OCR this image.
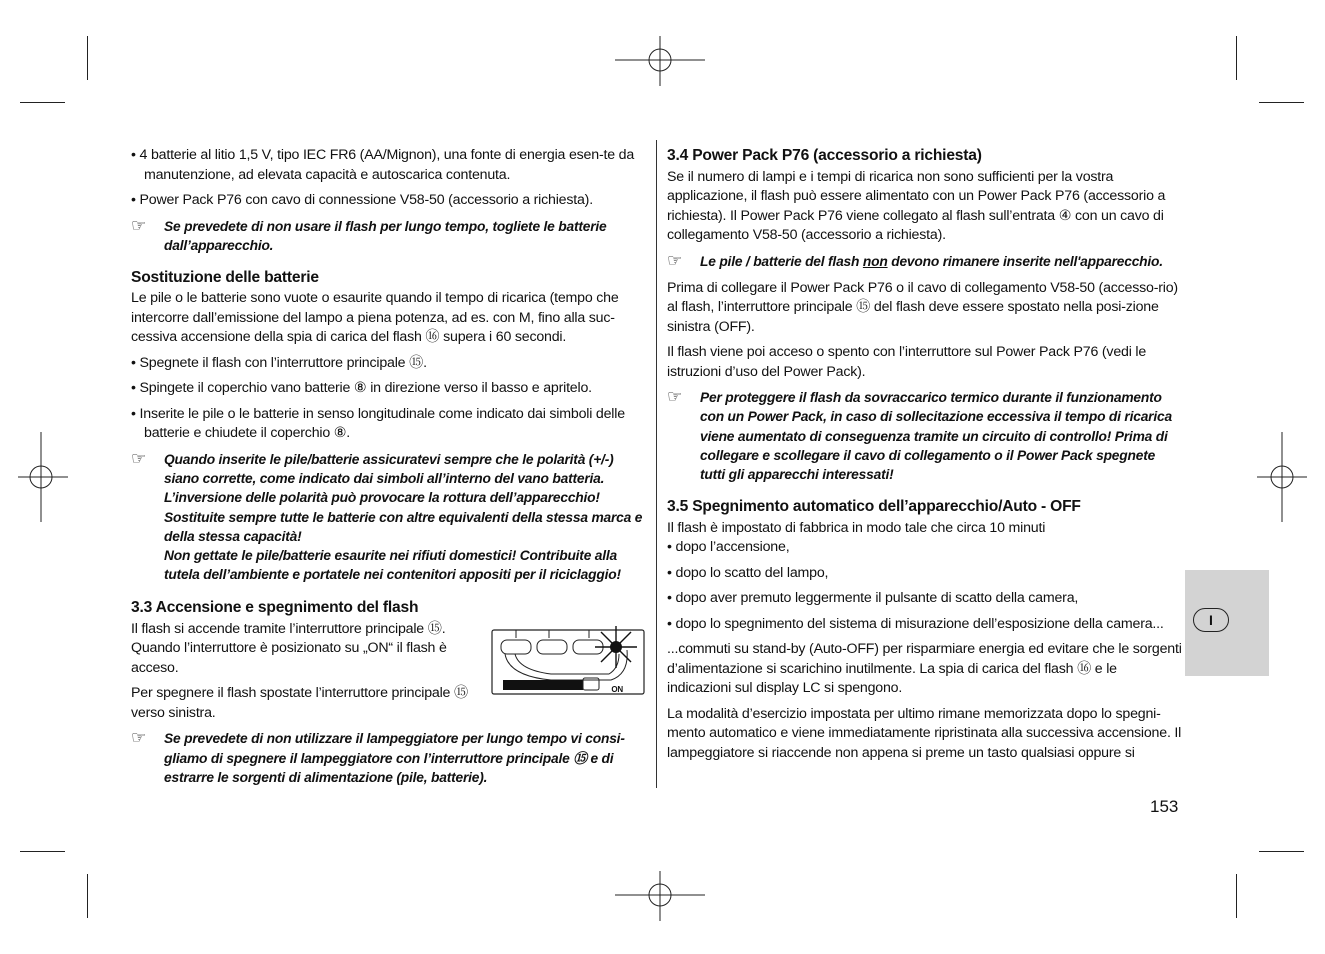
• 4 batterie al litio 1,5 V, tipo IEC FR6 (AA/Mignon), una fonte di energia esen-te da manutenzione, ad elevata capacità e autoscarica contenuta.

• Power Pack P76 con cavo di connessione V58-50 (accessorio a richiesta).

☞ Se prevedete di non usare il flash per lungo tempo, togliete le batterie dall’apparecchio.
Sostituzione delle batterie

Le pile o le batterie sono vuote o esaurite quando il tempo di ricarica (tempo che intercorre dall’emissione del lampo a piena potenza, ad es. con M, fino alla suc-cessiva accensione della spia di carica del flash ⑯ supera i 60 secondi.

• Spegnete il flash con l’interruttore principale ⑮.

• Spingete il coperchio vano batterie ⑧ in direzione verso il basso e apritelo.

• Inserite le pile o le batterie in senso longitudinale come indicato dai simboli delle batterie e chiudete il coperchio ⑧.

☞ Quando inserite le pile/batterie assicuratevi sempre che le polarità (+/-) siano corrette, come indicato dai simboli all’interno del vano batteria. L’inversione delle polarità può provocare la rottura dell’apparecchio! Sostituite sempre tutte le batterie con altre equivalenti della stessa marca e della stessa capacità!
Non gettate le pile/batterie esaurite nei rifiuti domestici! Contribuite alla tutela dell’ambiente e portatele nei contenitori appositi per il riciclaggio!
3.3 Accensione e spegnimento del flash
ON

Il flash si accende tramite l’interruttore principale ⑮. Quando l’interruttore è posizionato su „ON“ il flash è acceso.

Per spegnere il flash spostate l’interruttore principale ⑮ verso sinistra.

☞ Se prevedete di non utilizzare il lampeggiatore per lungo tempo vi consi-gliamo di spegnere il lampeggiatore con l’interruttore principale ⑮ e di estrarre le sorgenti di alimentazione (pile, batterie).
3.4 Power Pack P76 (accessorio a richiesta)

Se il numero di lampi e i tempi di ricarica non sono sufficienti per la vostra applicazione, il flash può essere alimentato con un Power Pack P76 (accessorio a richiesta). Il Power Pack P76 viene collegato al flash sull’entrata ④ con un cavo di collegamento V58-50 (accessorio a richiesta).

☞ Le pile / batterie del flash non devono rimanere inserite nell'apparecchio.

Prima di collegare il Power Pack P76 o il cavo di collegamento V58-50 (accesso-rio) al flash, l’interruttore principale ⑮ del flash deve essere spostato nella posi-zione sinistra (OFF).

Il flash viene poi acceso o spento con l’interruttore sul Power Pack P76 (vedi le istruzioni d’uso del Power Pack).

☞ Per proteggere il flash da sovraccarico termico durante il funzionamento con un Power Pack, in caso di sollecitazione eccessiva il tempo di ricarica viene aumentato di conseguenza tramite un circuito di controllo! Prima di collegare e scollegare il cavo di collegamento o il Power Pack spegnete tutti gli apparecchi interessati!
3.5 Spegnimento automatico dell’apparecchio/Auto - OFF

Il flash è impostato di fabbrica in modo tale che circa 10 minuti

• dopo l’accensione,

• dopo lo scatto del lampo,

• dopo aver premuto leggermente il pulsante di scatto della camera,

• dopo lo spegnimento del sistema di misurazione dell’esposizione della camera...

...commuti su stand-by (Auto-OFF) per risparmiare energia ed evitare che le sorgenti d’alimentazione si scarichino inutilmente. La spia di carica del flash ⑯ e le indicazioni sul display LC si spengono.

La modalità d’esercizio impostata per ultimo rimane memorizzata dopo lo spegni-mento automatico e viene immediatamente ripristinata alla successiva accensione. Il lampeggiatore si riaccende non appena si preme un tasto qualsiasi oppure si

I
153
